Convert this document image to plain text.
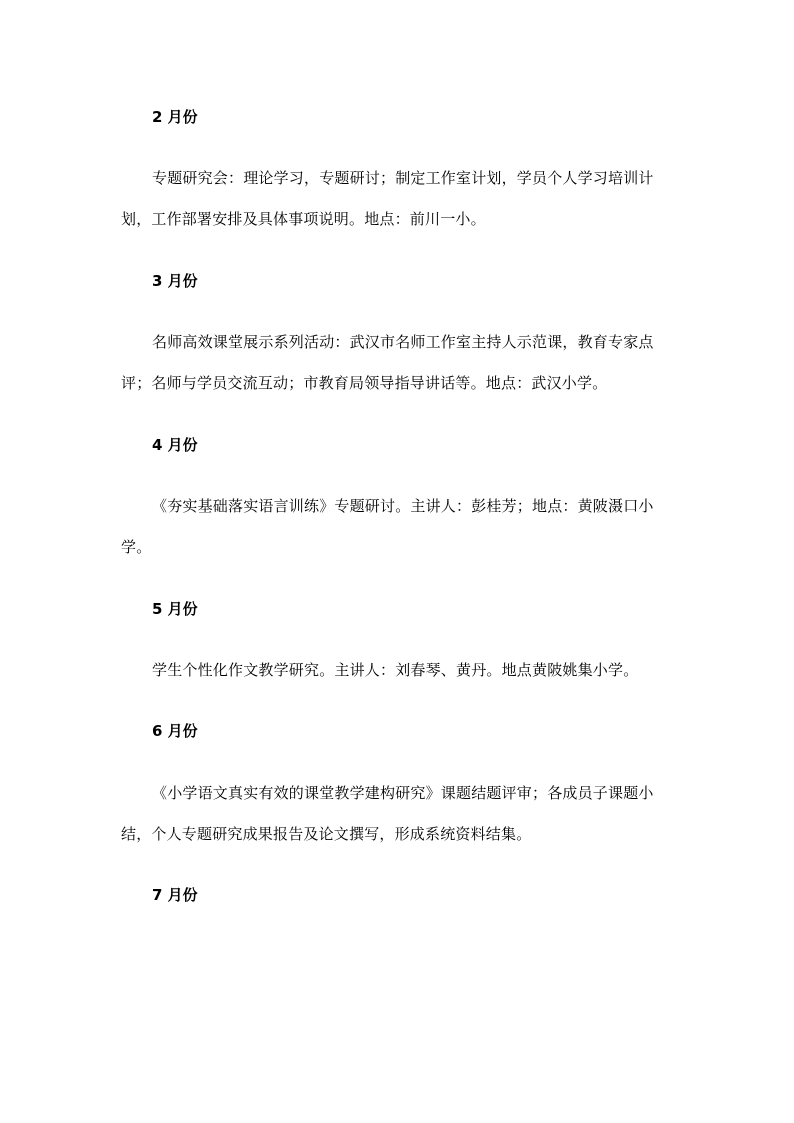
2 月份
专题研究会：理论学习，专题研讨；制定工作室计划，学员个人学习培训计划，工作部署安排及具体事项说明。地点：前川一小。
3 月份
名师高效课堂展示系列活动：武汉市名师工作室主持人示范课，教育专家点评；名师与学员交流互动；市教育局领导指导讲话等。地点：武汉小学。
4 月份
《夯实基础落实语言训练》专题研讨。主讲人：彭桂芳；地点：黄陂滠口小学。
5 月份
学生个性化作文教学研究。主讲人：刘春琴、黄丹。地点黄陂姚集小学。
6 月份
《小学语文真实有效的课堂教学建构研究》课题结题评审；各成员子课题小结，个人专题研究成果报告及论文撰写，形成系统资料结集。
7 月份
